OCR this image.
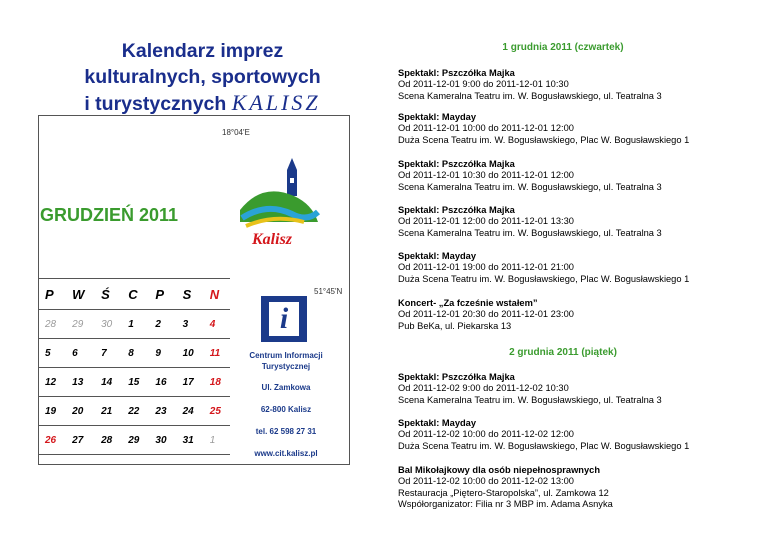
Kalendarz imprez
kulturalnych, sportowych
i turystycznych KALISZ
18°04'E
51°45'N
GRUDZIEŃ 2011
Kalisz
P	W	Ś	C	P	S	N
28	29	30	1	2	3	4
5	6	7	8	9	10	11
12	13	14	15	16	17	18
19	20	21	22	23	24	25
26	27	28	29	30	31	1
i
Centrum Informacji Turystycznej
Ul. Zamkowa
62-800 Kalisz
tel. 62 598 27 31
www.cit.kalisz.pl
1 grudnia 2011 (czwartek)
Spektakl: Pszczółka Majka
Od 2011-12-01 9:00 do 2011-12-01 10:30
Scena Kameralna Teatru im. W. Bogusławskiego, ul. Teatralna 3
Spektakl: Mayday
Od 2011-12-01 10:00 do 2011-12-01 12:00
Duża Scena Teatru im. W. Bogusławskiego, Plac W. Bogusławskiego 1
Spektakl: Pszczółka Majka
Od 2011-12-01 10:30 do 2011-12-01 12:00
Scena Kameralna Teatru im. W. Bogusławskiego, ul. Teatralna 3
Spektakl: Pszczółka Majka
Od 2011-12-01 12:00 do 2011-12-01 13:30
Scena Kameralna Teatru im. W. Bogusławskiego, ul. Teatralna 3
Spektakl: Mayday
Od 2011-12-01 19:00 do 2011-12-01 21:00
Duża Scena Teatru im. W. Bogusławskiego, Plac W. Bogusławskiego 1
Koncert- „Za fcześnie wstałem”
Od 2011-12-01 20:30 do 2011-12-01 23:00
Pub BeKa, ul. Piekarska 13
2 grudnia 2011 (piątek)
Spektakl: Pszczółka Majka
Od 2011-12-02 9:00 do 2011-12-02 10:30
Scena Kameralna Teatru im. W. Bogusławskiego, ul. Teatralna 3
Spektakl: Mayday
Od 2011-12-02 10:00 do 2011-12-02 12:00
Duża Scena Teatru im. W. Bogusławskiego, Plac W. Bogusławskiego 1
Bal Mikołajkowy dla osób niepełnosprawnych
Od 2011-12-02 10:00 do 2011-12-02 13:00
Restauracja „Piętero-Staropolska”, ul. Zamkowa 12
Współorganizator: Filia nr 3 MBP im. Adama Asnyka
